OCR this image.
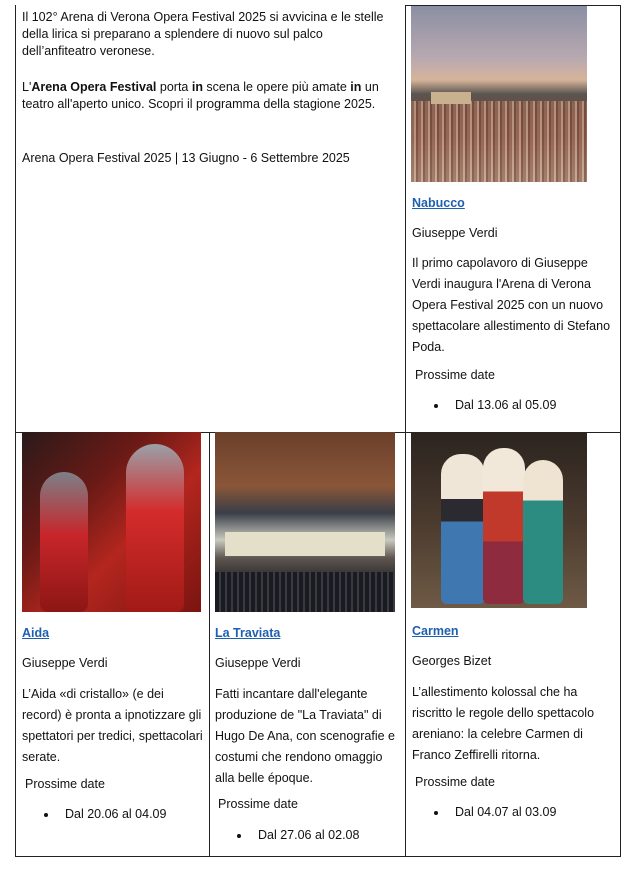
Il 102° Arena di Verona Opera Festival 2025 si avvicina e le stelle della lirica si preparano a splendere di nuovo sul palco dell’anfiteatro veronese.
L'Arena Opera Festival porta in scena le opere più amate in un teatro all'aperto unico. Scopri il programma della stagione 2025.
Arena Opera Festival 2025 | 13 Giugno - 6 Settembre 2025
Nabucco
Giuseppe Verdi
Il primo capolavoro di Giuseppe Verdi inaugura l'Arena di Verona Opera Festival 2025 con un nuovo spettacolare allestimento di Stefano Poda.
Prossime date
Dal 13.06 al 05.09
Aida
Giuseppe Verdi
L’Aida «di cristallo» (e dei record) è pronta a ipnotizzare gli spettatori per tredici, spettacolari serate.
Prossime date
Dal 20.06 al 04.09
La Traviata
Giuseppe Verdi
Fatti incantare dall'elegante produzione de "La Traviata" di Hugo De Ana, con scenografie e costumi che rendono omaggio alla belle époque.
Prossime date
Dal 27.06 al 02.08
Carmen
Georges Bizet
L’allestimento kolossal che ha riscritto le regole dello spettacolo areniano: la celebre Carmen di Franco Zeffirelli ritorna.
Prossime date
Dal 04.07 al 03.09
